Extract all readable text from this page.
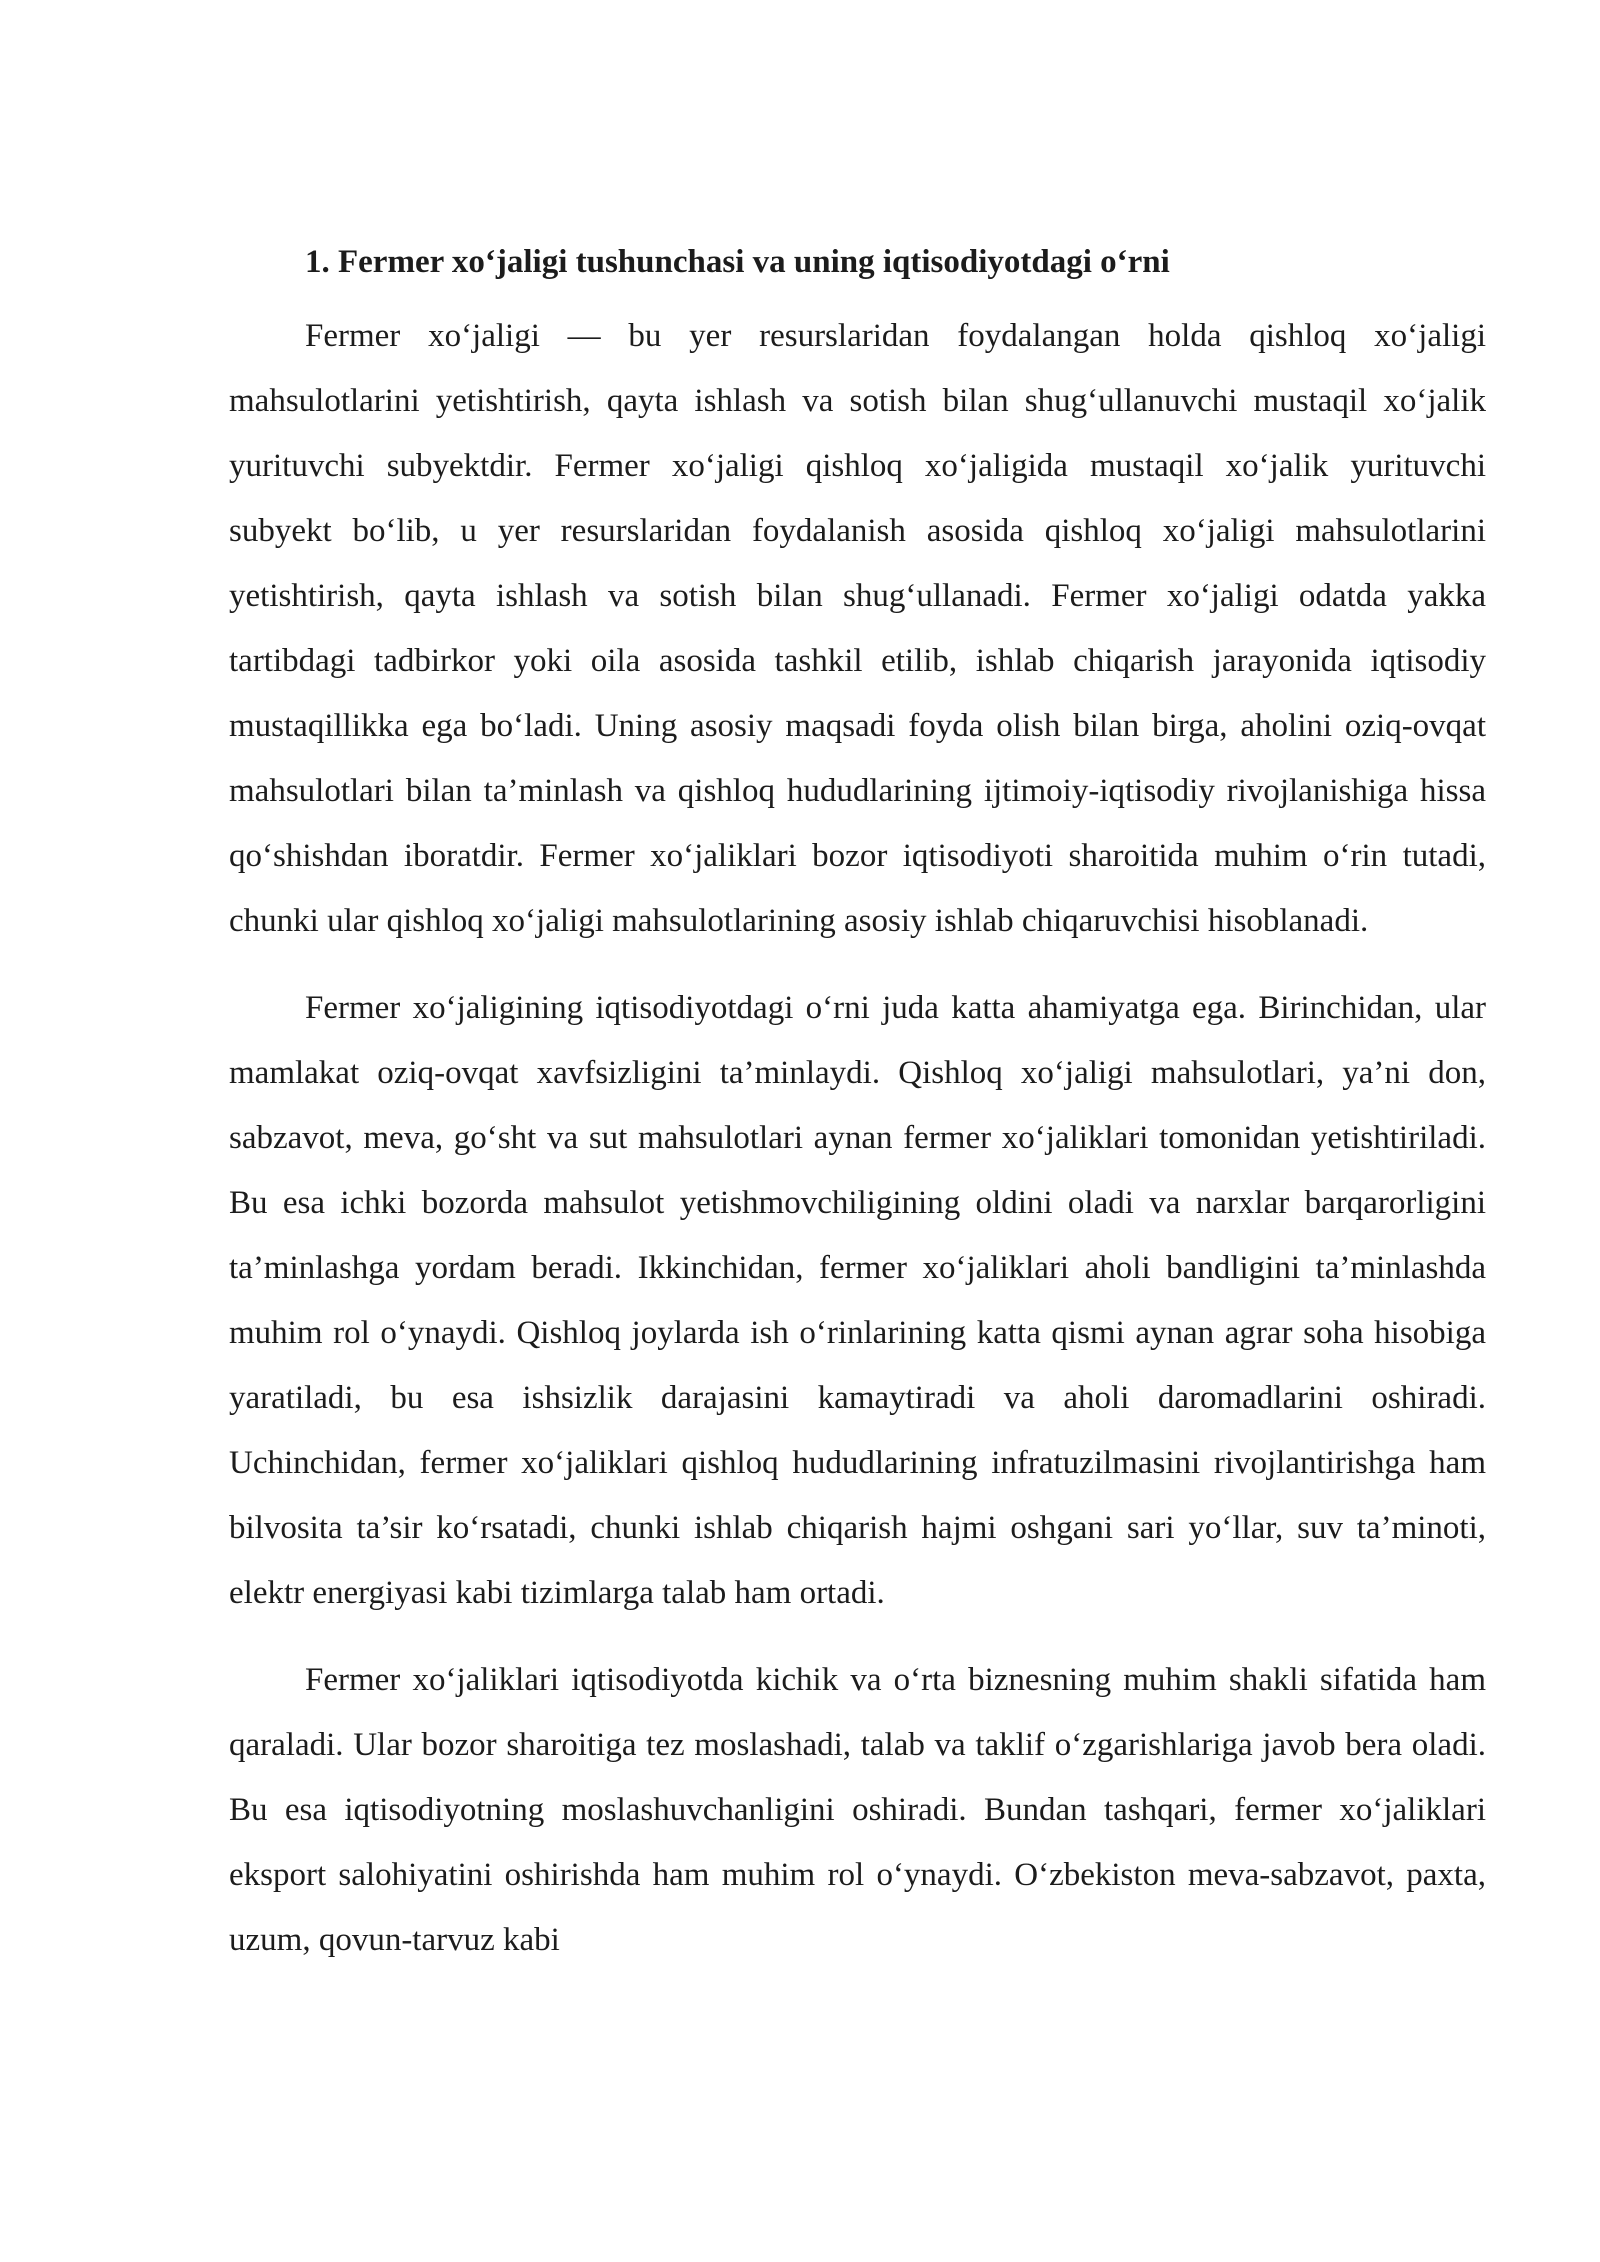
1. Fermer xo‘jaligi tushunchasi va uning iqtisodiyotdagi o‘rni

Fermer xo‘jaligi — bu yer resurslaridan foydalangan holda qishloq xo‘jaligi mahsulotlarini yetishtirish, qayta ishlash va sotish bilan shug‘ullanuvchi mustaqil xo‘jalik yurituvchi subyektdir. Fermer xo‘jaligi qishloq xo‘jaligida mustaqil xo‘jalik yurituvchi subyekt bo‘lib, u yer resurslaridan foydalanish asosida qishloq xo‘jaligi mahsulotlarini yetishtirish, qayta ishlash va sotish bilan shug‘ullanadi. Fermer xo‘jaligi odatda yakka tartibdagi tadbirkor yoki oila asosida tashkil etilib, ishlab chiqarish jarayonida iqtisodiy mustaqillikka ega bo‘ladi. Uning asosiy maqsadi foyda olish bilan birga, aholini oziq-ovqat mahsulotlari bilan ta’minlash va qishloq hududlarining ijtimoiy-iqtisodiy rivojlanishiga hissa qo‘shishdan iboratdir. Fermer xo‘jaliklari bozor iqtisodiyoti sharoitida muhim o‘rin tutadi, chunki ular qishloq xo‘jaligi mahsulotlarining asosiy ishlab chiqaruvchisi hisoblanadi.

Fermer xo‘jaligining iqtisodiyotdagi o‘rni juda katta ahamiyatga ega. Birinchidan, ular mamlakat oziq-ovqat xavfsizligini ta’minlaydi. Qishloq xo‘jaligi mahsulotlari, ya’ni don, sabzavot, meva, go‘sht va sut mahsulotlari aynan fermer xo‘jaliklari tomonidan yetishtiriladi. Bu esa ichki bozorda mahsulot yetishmovchiligining oldini oladi va narxlar barqarorligini ta’minlashga yordam beradi. Ikkinchidan, fermer xo‘jaliklari aholi bandligini ta’minlashda muhim rol o‘ynaydi. Qishloq joylarda ish o‘rinlarining katta qismi aynan agrar soha hisobiga yaratiladi, bu esa ishsizlik darajasini kamaytiradi va aholi daromadlarini oshiradi. Uchinchidan, fermer xo‘jaliklari qishloq hududlarining infratuzilmasini rivojlantirishga ham bilvosita ta’sir ko‘rsatadi, chunki ishlab chiqarish hajmi oshgani sari yo‘llar, suv ta’minoti, elektr energiyasi kabi tizimlarga talab ham ortadi.

Fermer xo‘jaliklari iqtisodiyotda kichik va o‘rta biznesning muhim shakli sifatida ham qaraladi. Ular bozor sharoitiga tez moslashadi, talab va taklif o‘zgarishlariga javob bera oladi. Bu esa iqtisodiyotning moslashuvchanligini oshiradi. Bundan tashqari, fermer xo‘jaliklari eksport salohiyatini oshirishda ham muhim rol o‘ynaydi. O‘zbekiston meva-sabzavot, paxta, uzum, qovun-tarvuz kabi
